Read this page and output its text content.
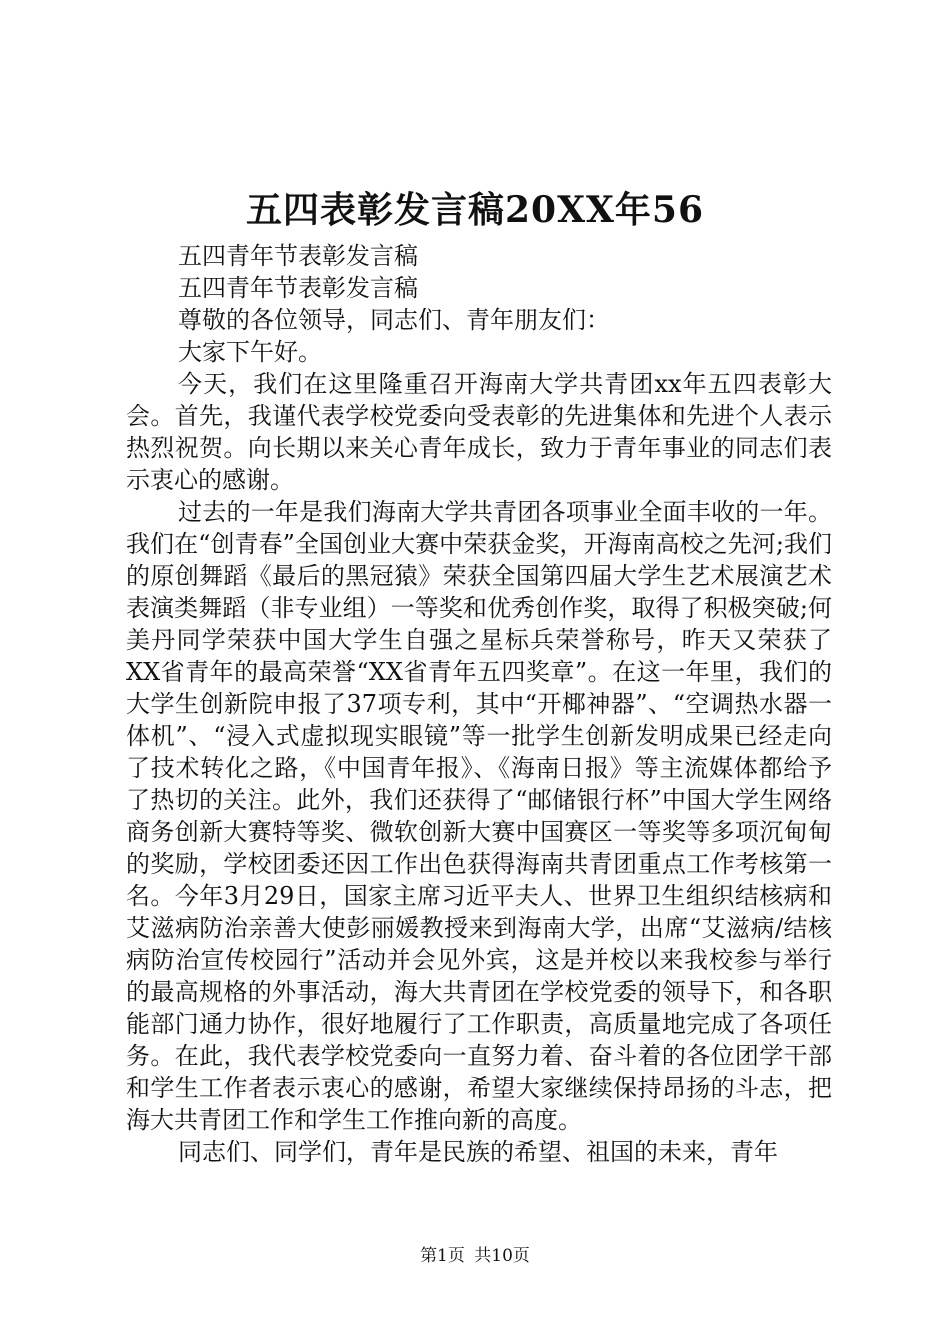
五四表彰发言稿20XX年56

五四青年节表彰发言稿

五四青年节表彰发言稿

尊敬的各位领导，同志们、青年朋友们：

大家下午好。

今天，我们在这里隆重召开海南大学共青团xx年五四表彰大会。首先，我谨代表学校党委向受表彰的先进集体和先进个人表示热烈祝贺。向长期以来关心青年成长，致力于青年事业的同志们表示衷心的感谢。

过去的一年是我们海南大学共青团各项事业全面丰收的一年。我们在“创青春”全国创业大赛中荣获金奖，开海南高校之先河;我们的原创舞蹈《最后的黑冠猿》荣获全国第四届大学生艺术展演艺术表演类舞蹈（非专业组）一等奖和优秀创作奖，取得了积极突破;何美丹同学荣获中国大学生自强之星标兵荣誉称号，昨天又荣获了XX省青年的最高荣誉“XX省青年五四奖章”。在这一年里，我们的大学生创新院申报了37项专利，其中“开椰神器”、“空调热水器一体机”、“浸入式虚拟现实眼镜”等一批学生创新发明成果已经走向了技术转化之路，《中国青年报》、《海南日报》等主流媒体都给予了热切的关注。此外，我们还获得了“邮储银行杯”中国大学生网络商务创新大赛特等奖、微软创新大赛中国赛区一等奖等多项沉甸甸的奖励，学校团委还因工作出色获得海南共青团重点工作考核第一名。今年3月29日，国家主席习近平夫人、世界卫生组织结核病和艾滋病防治亲善大使彭丽媛教授来到海南大学，出席“艾滋病/结核病防治宣传校园行”活动并会见外宾，这是并校以来我校参与举行的最高规格的外事活动，海大共青团在学校党委的领导下，和各职能部门通力协作，很好地履行了工作职责，高质量地完成了各项任务。在此，我代表学校党委向一直努力着、奋斗着的各位团学干部和学生工作者表示衷心的感谢，希望大家继续保持昂扬的斗志，把海大共青团工作和学生工作推向新的高度。

同志们、同学们，青年是民族的希望、祖国的未来，青年

第1页 共10页
